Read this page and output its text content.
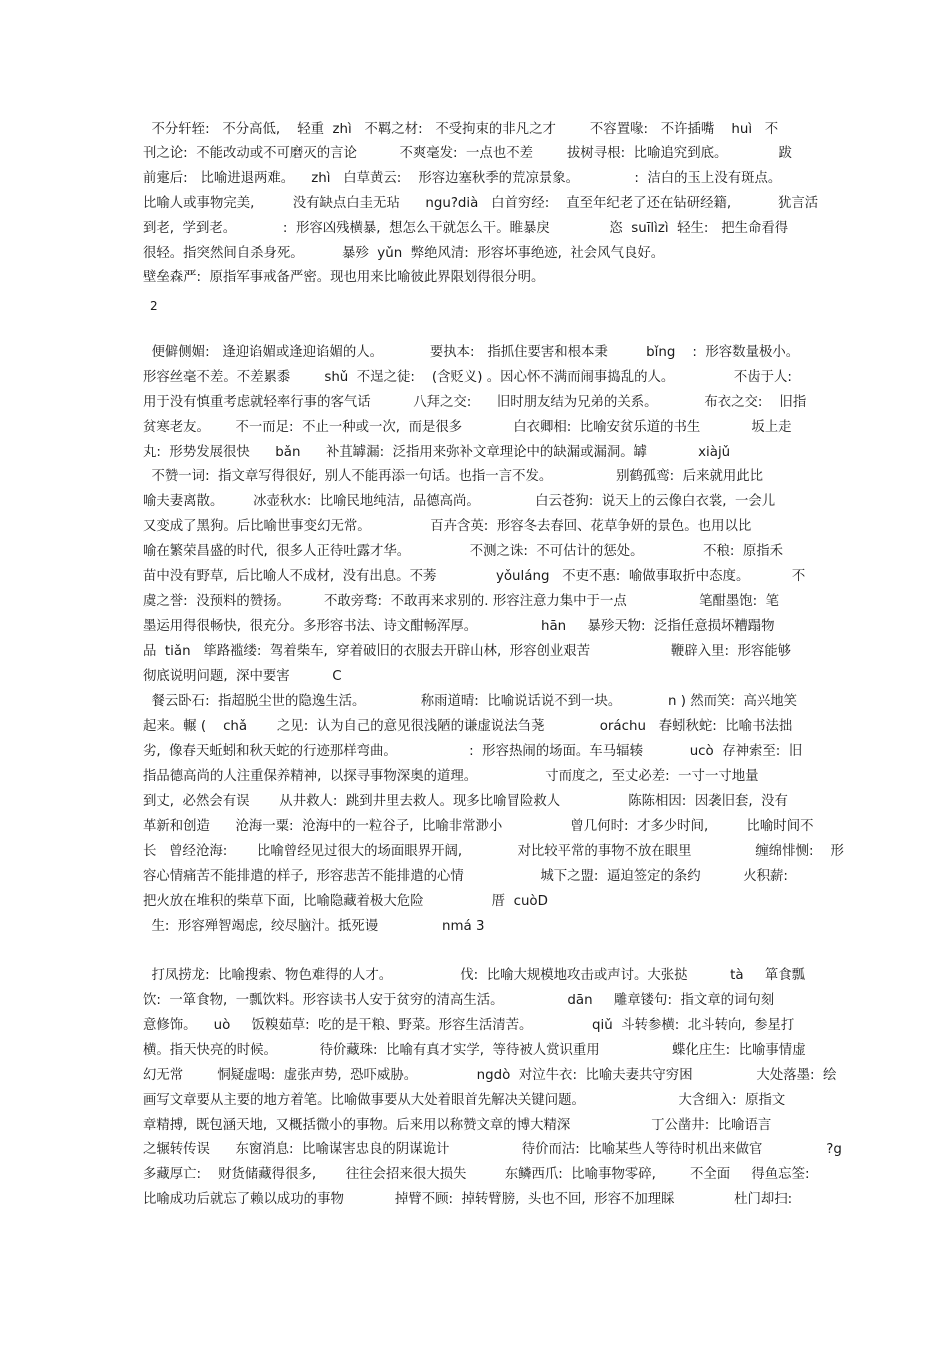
不分轩轾:   不分高低,    轻重  zhì   不羁之材:   不受拘束的非凡之才        不容置喙:   不许插嘴    huì   不
刊之论:  不能改动或不可磨灭的言论          不爽毫发:  一点也不差        拔树寻根:  比喻追究到底。            跋
前疐后:   比喻进退两难。    zhì   白草黄云:    形容边塞秋季的荒凉景象。             :  洁白的玉上没有斑点。
比喻人或事物完美,         没有缺点白圭无玷      ngu?dià   白首穷经:    直至年纪老了还在钻研经籍,           犹言活
到老,  学到老。           :  形容凶残横暴,  想怎么干就怎么干。睢暴戾              恣  suīlìzì  轻生:   把生命看得
很轻。指突然间自杀身死。         暴殄  yǔn  弊绝风清:  形容坏事绝迹,  社会风气良好。
壁垒森严:  原指军事戒备严密。现也用来比喻彼此界限划得很分明。
2
便僻侧媚:   逢迎谄媚或逢迎谄媚的人。           要执本:   指抓住要害和根本秉         bǐng    :  形容数量极小。
形容丝毫不差。不差累黍        shǔ  不逞之徒:    (含贬义) 。因心怀不满而闹事捣乱的人。              不齿于人:
用于没有慎重考虑就轻率行事的客气话          八拜之交:      旧时朋友结为兄弟的关系。           布衣之交:    旧指
贫寒老友。      不一而足:  不止一种或一次,  而是很多            白衣卿相:  比喻安贫乐道的书生            坂上走
丸:  形势发展很快      bǎn      补苴罅漏:  泛指用来弥补文章理论中的缺漏或漏洞。罅            xiàjǔ
不赞一词:  指文章写得很好,  别人不能再添一句话。也指一言不发。               别鹤孤鸾:  后来就用此比
喻夫妻离散。       冰壶秋水:  比喻民地纯洁,  品德高尚。             白云苍狗:  说天上的云像白衣裳,  一会儿
又变成了黑狗。后比喻世事变幻无常。              百卉含英:  形容冬去春回、花草争妍的景色。也用以比
喻在繁荣昌盛的时代,  很多人正待吐露才华。              不测之诛:  不可估计的惩处。              不稂:  原指禾
苗中没有野草,  后比喻人不成材,  没有出息。不莠              yǒuláng   不吏不惠:  喻做事取折中态度。          不
虞之誉:  没预料的赞扬。        不敢旁骛:  不敢再来求别的. 形容注意力集中于一点                 笔酣墨饱:  笔
墨运用得很畅快,  很充分。多形容书法、诗文酣畅浑厚。               hān     暴殄天物:  泛指任意损坏糟蹋物
品  tiǎn   筚路褴缕:  驾着柴车,  穿着破旧的衣服去开辟山林,  形容创业艰苦                   鞭辟入里:  形容能够
彻底说明问题,  深中要害          C
餐云卧石:  指超脱尘世的隐逸生活。             称雨道晴:  比喻说话说不到一块。           n ) 然而笑:  高兴地笑
起来。輾 (    chǎ       之见:  认为自己的意见很浅陋的谦虚说法刍荛             oráchu   春蚓秋蛇:  比喻书法拙
劣,  像春天蚯蚓和秋天蛇的行迹那样弯曲。                 :  形容热闹的场面。车马辐辏           ucò  存神索至:  旧
指品德高尚的人注重保养精神,  以探寻事物深奥的道理。                寸而度之,  至丈必差:  一寸一寸地量
到丈,  必然会有误       从井救人:  跳到井里去救人。现多比喻冒险救人                陈陈相因:  因袭旧套,  没有
革新和创造      沧海一粟:  沧海中的一粒谷子,  比喻非常渺小                曾几何时:  才多少时间,         比喻时间不
长   曾经沧海:       比喻曾经见过很大的场面眼界开阔,             对比较平常的事物不放在眼里               缠绵悱恻:    形
容心情痛苦不能排遣的样子,  形容悲苦不能排遣的心情                  城下之盟:  逼迫签定的条约          火积薪:
把火放在堆积的柴草下面,  比喻隐藏着极大危险                厝  cuòD
生:  形容殚智竭虑,  绞尽脑汁。抵死谩               nmá 3
打凤捞龙:  比喻搜索、物色难得的人才。                伐:  比喻大规模地攻击或声讨。大张挞          tà     箪食瓢
饮:  一箪食物,  一瓢饮料。形容读书人安于贫穷的清高生活。               dān     雕章镂句:  指文章的词句刻
意修饰。    uò     饭糗茹草:  吃的是干粮、野菜。形容生活清苦。              qiǔ  斗转参横:  北斗转向,  参星打
横。指天快亮的时候。          待价藏珠:  比喻有真才实学,  等待被人赏识重用                 蝶化庄生:  比喻事情虚
幻无常        恫疑虚喝:  虚张声势,  恐吓威胁。              ngdò  对泣牛衣:  比喻夫妻共守穷困               大处落墨:  绘
画写文章要从主要的地方着笔。比喻做事要从大处着眼首先解决关键问题。                      大含细入:  原指文
章精搏,  既包涵天地,  又概括微小的事物。后来用以称赞文章的博大精深                   丁公凿井:  比喻语言
之辗转传误      东窗消息:  比喻谋害忠良的阴谋诡计                 待价而沽:  比喻某些人等待时机出来做官               ?g
多藏厚亡:    财货储藏得很多,       往往会招来很大损失         东鳞西爪:  比喻事物零碎,        不全面     得鱼忘筌:
比喻成功后就忘了赖以成功的事物            掉臂不顾:  掉转臂膀,  头也不回,  形容不加理睬              杜门却扫:
